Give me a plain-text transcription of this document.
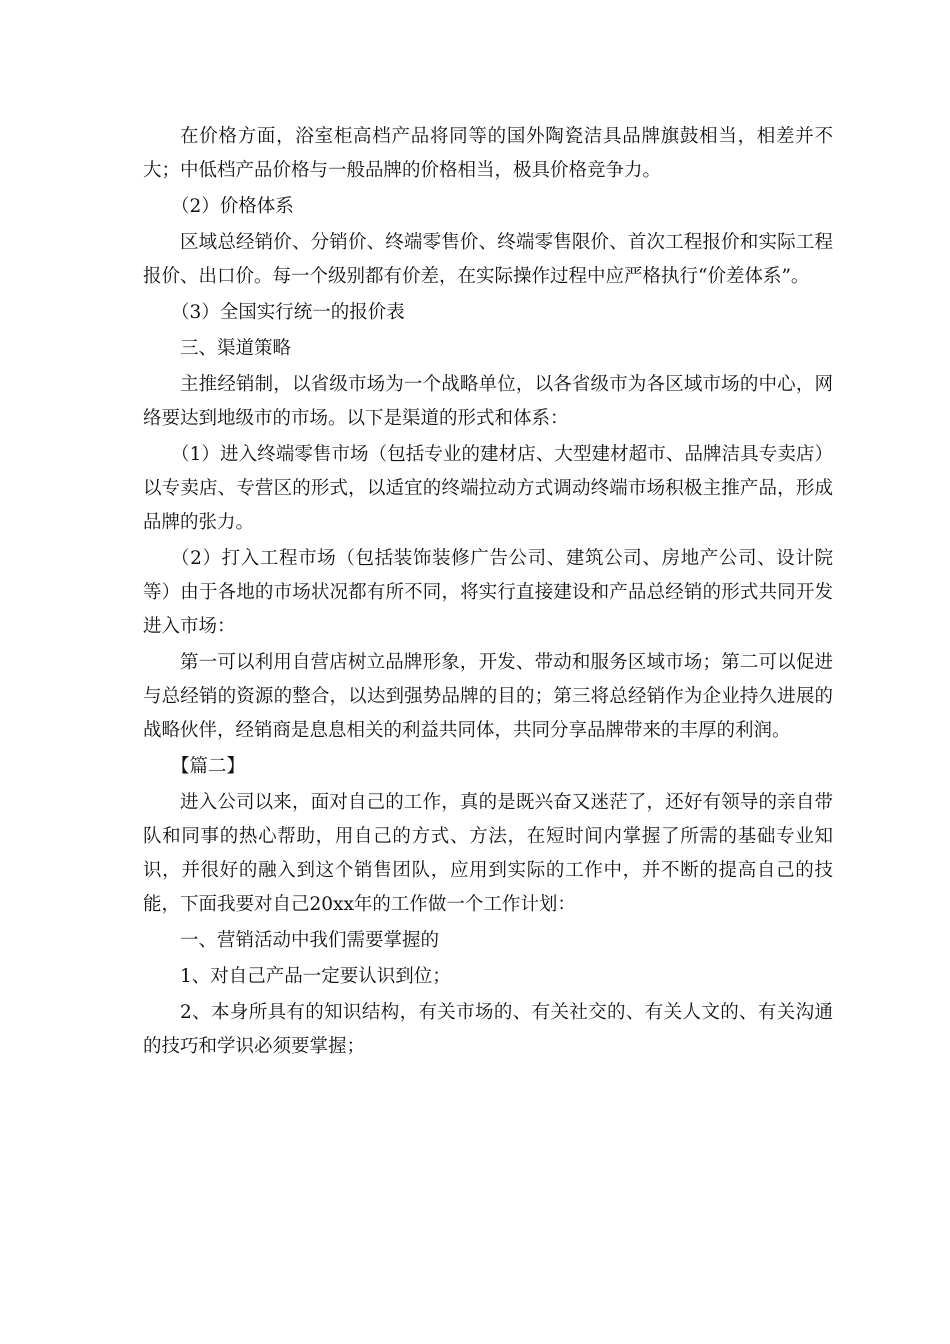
在价格方面，浴室柜高档产品将同等的国外陶瓷洁具品牌旗鼓相当，相差并不大；中低档产品价格与一般品牌的价格相当，极具价格竞争力。

（2）价格体系

区域总经销价、分销价、终端零售价、终端零售限价、首次工程报价和实际工程报价、出口价。每一个级别都有价差，在实际操作过程中应严格执行“价差体系”。

（3）全国实行统一的报价表

三、渠道策略

主推经销制，以省级市场为一个战略单位，以各省级市为各区域市场的中心，网络要达到地级市的市场。以下是渠道的形式和体系：

（1）进入终端零售市场（包括专业的建材店、大型建材超市、品牌洁具专卖店）以专卖店、专营区的形式，以适宜的终端拉动方式调动终端市场积极主推产品，形成品牌的张力。

（2）打入工程市场（包括装饰装修广告公司、建筑公司、房地产公司、设计院等）由于各地的市场状况都有所不同，将实行直接建设和产品总经销的形式共同开发进入市场：

第一可以利用自营店树立品牌形象，开发、带动和服务区域市场；第二可以促进与总经销的资源的整合，以达到强势品牌的目的；第三将总经销作为企业持久进展的战略伙伴，经销商是息息相关的利益共同体，共同分享品牌带来的丰厚的利润。

【篇二】

进入公司以来，面对自己的工作，真的是既兴奋又迷茫了，还好有领导的亲自带队和同事的热心帮助，用自己的方式、方法，在短时间内掌握了所需的基础专业知识，并很好的融入到这个销售团队，应用到实际的工作中，并不断的提高自己的技能，下面我要对自己20xx年的工作做一个工作计划：

一、营销活动中我们需要掌握的

1、对自己产品一定要认识到位；

2、本身所具有的知识结构，有关市场的、有关社交的、有关人文的、有关沟通的技巧和学识必须要掌握；
